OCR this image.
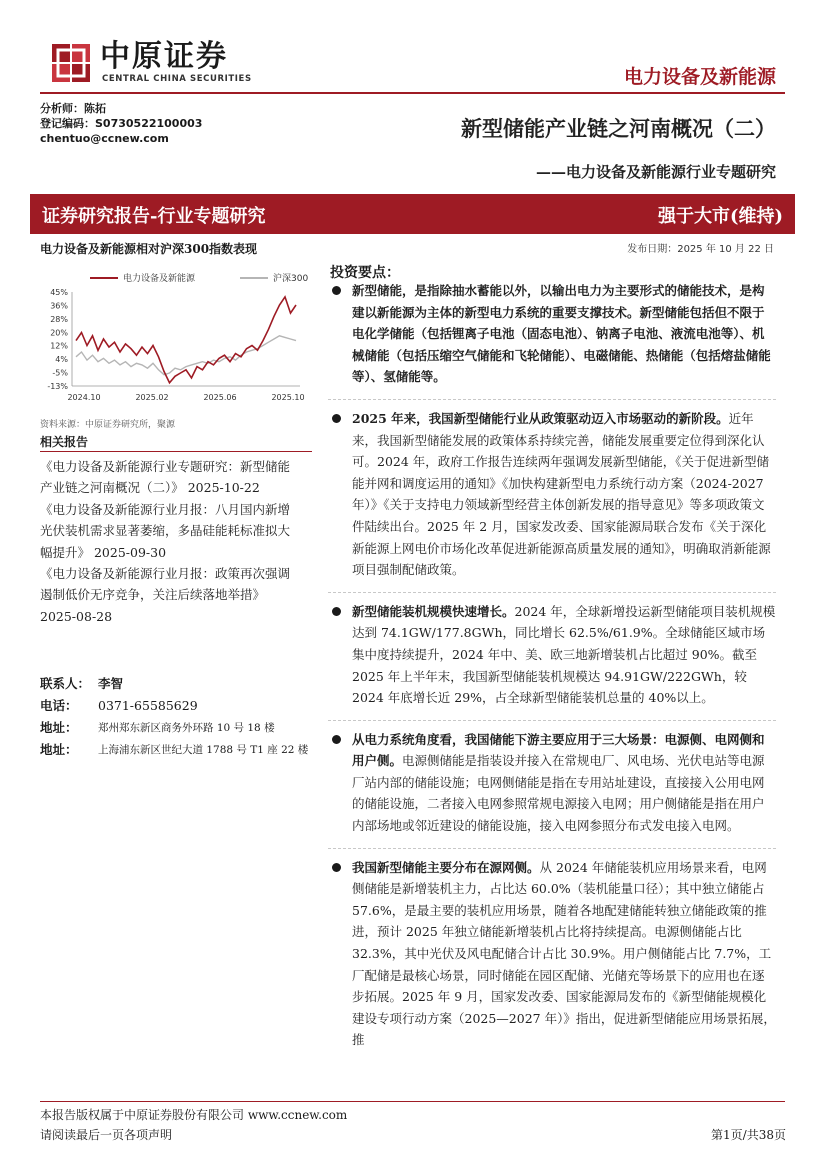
中原证券
CENTRAL CHINA SECURITIES	电力设备及新能源
分析师：陈拓
登记编码：S0730522100003
chentuo@ccnew.com	新型储能产业链之河南概况（二）
——电力设备及新能源行业专题研究
证券研究报告-行业专题研究	强于大市(维持)
电力设备及新能源相对沪深300指数表现
电力设备及新能源	沪深300
45%
36%
28%
20%
12%
4%
-5%
-13%
2024.10	2025.02	2025.06	2025.10
资料来源：中原证券研究所，聚源
相关报告
《电力设备及新能源行业专题研究：新型储能
产业链之河南概况（二）》 2025-10-22
《电力设备及新能源行业月报：八月国内新增
光伏装机需求显著萎缩，多晶硅能耗标准拟大
幅提升》 2025-09-30
《电力设备及新能源行业月报：政策再次强调
遏制低价无序竞争，关注后续落地举措》
2025-08-28
联系人： 李智
电话： 0371-65585629
地址： 郑州郑东新区商务外环路 10 号 18 楼
地址： 上海浦东新区世纪大道 1788 号 T1 座 22 楼
发布日期：2025 年 10 月 22 日
投资要点：
新型储能，是指除抽水蓄能以外，以输出电力为主要形式的储能技术，是构建以新能源为主体的新型电力系统的重要支撑技术。新型储能包括但不限于电化学储能（包括锂离子电池（固态电池）、钠离子电池、液流电池等）、机械储能（包括压缩空气储能和飞轮储能）、电磁储能、热储能（包括熔盐储能等）、氢储能等。
2025 年来，我国新型储能行业从政策驱动迈入市场驱动的新阶段。近年来，我国新型储能发展的政策体系持续完善，储能发展重要定位得到深化认可。2024 年，政府工作报告连续两年强调发展新型储能，《关于促进新型储能并网和调度运用的通知》《加快构建新型电力系统行动方案（2024-2027 年）》《关于支持电力领域新型经营主体创新发展的指导意见》等多项政策文件陆续出台。2025 年 2 月，国家发改委、国家能源局联合发布《关于深化新能源上网电价市场化改革促进新能源高质量发展的通知》，明确取消新能源项目强制配储政策。
新型储能装机规模快速增长。2024 年，全球新增投运新型储能项目装机规模达到 74.1GW/177.8GWh，同比增长 62.5%/61.9%。全球储能区域市场集中度持续提升，2024 年中、美、欧三地新增装机占比超过 90%。截至 2025 年上半年末，我国新型储能装机规模达 94.91GW/222GWh，较 2024 年底增长近 29%，占全球新型储能装机总量的 40%以上。
从电力系统角度看，我国储能下游主要应用于三大场景：电源侧、电网侧和用户侧。电源侧储能是指装设并接入在常规电厂、风电场、光伏电站等电源厂站内部的储能设施；电网侧储能是指在专用站址建设，直接接入公用电网的储能设施，二者接入电网参照常规电源接入电网；用户侧储能是指在用户内部场地或邻近建设的储能设施，接入电网参照分布式发电接入电网。
我国新型储能主要分布在源网侧。从 2024 年储能装机应用场景来看，电网侧储能是新增装机主力，占比达 60.0%（装机能量口径）；其中独立储能占 57.6%，是最主要的装机应用场景，随着各地配建储能转独立储能政策的推进，预计 2025 年独立储能新增装机占比将持续提高。电源侧储能占比 32.3%，其中光伏及风电配储合计占比 30.9%。用户侧储能占比 7.7%，工厂配储是最核心场景，同时储能在园区配储、光储充等场景下的应用也在逐步拓展。2025 年 9 月，国家发改委、国家能源局发布的《新型储能规模化建设专项行动方案（2025—2027 年）》指出，促进新型储能应用场景拓展，推
本报告版权属于中原证券股份有限公司 www.ccnew.com
请阅读最后一页各项声明	第1页/共38页
